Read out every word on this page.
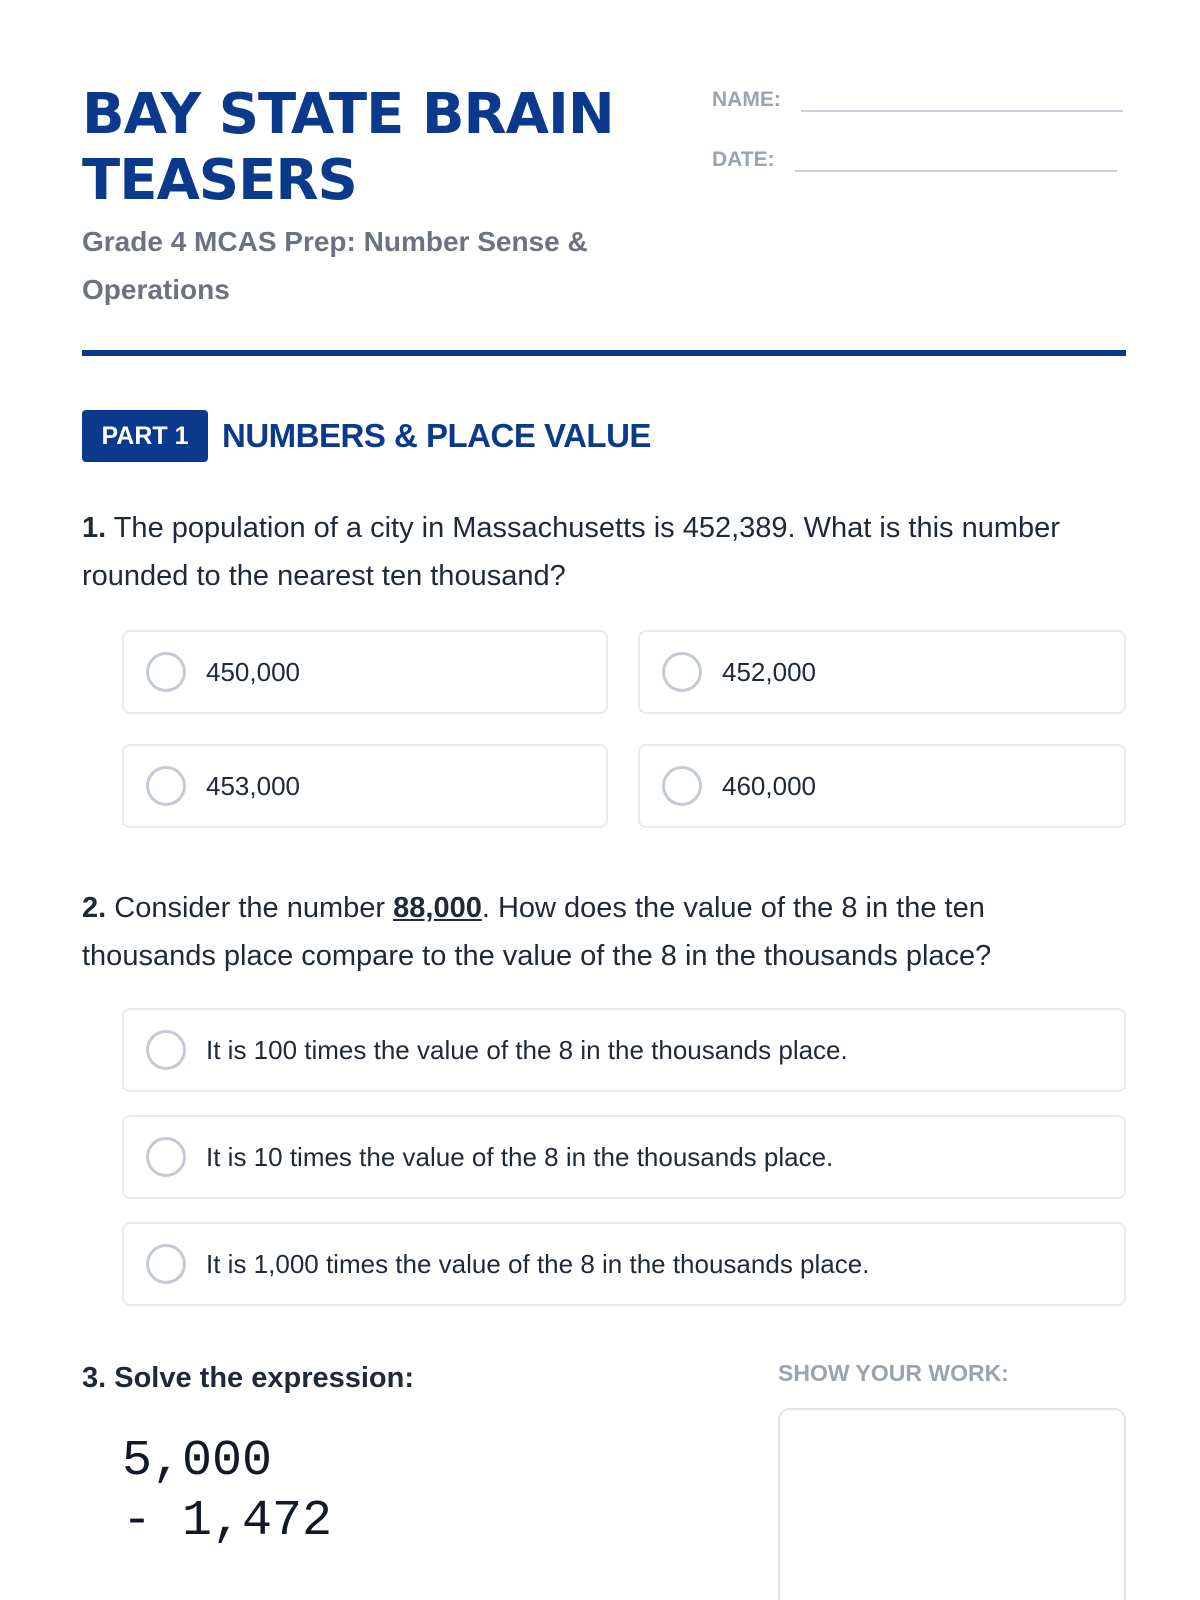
BAY STATE BRAIN TEASERS
Grade 4 MCAS Prep: Number Sense & Operations
NAME:
DATE:
PART 1	NUMBERS & PLACE VALUE

1. The population of a city in Massachusetts is 452,389. What is this number rounded to the nearest ten thousand?

450,000	452,000
453,000	460,000

2. Consider the number 88,000. How does the value of the 8 in the ten thousands place compare to the value of the 8 in the thousands place?

It is 100 times the value of the 8 in the thousands place.
It is 10 times the value of the 8 in the thousands place.
It is 1,000 times the value of the 8 in the thousands place.
3. Solve the expression:
5,000
- 1,472
SHOW YOUR WORK:
